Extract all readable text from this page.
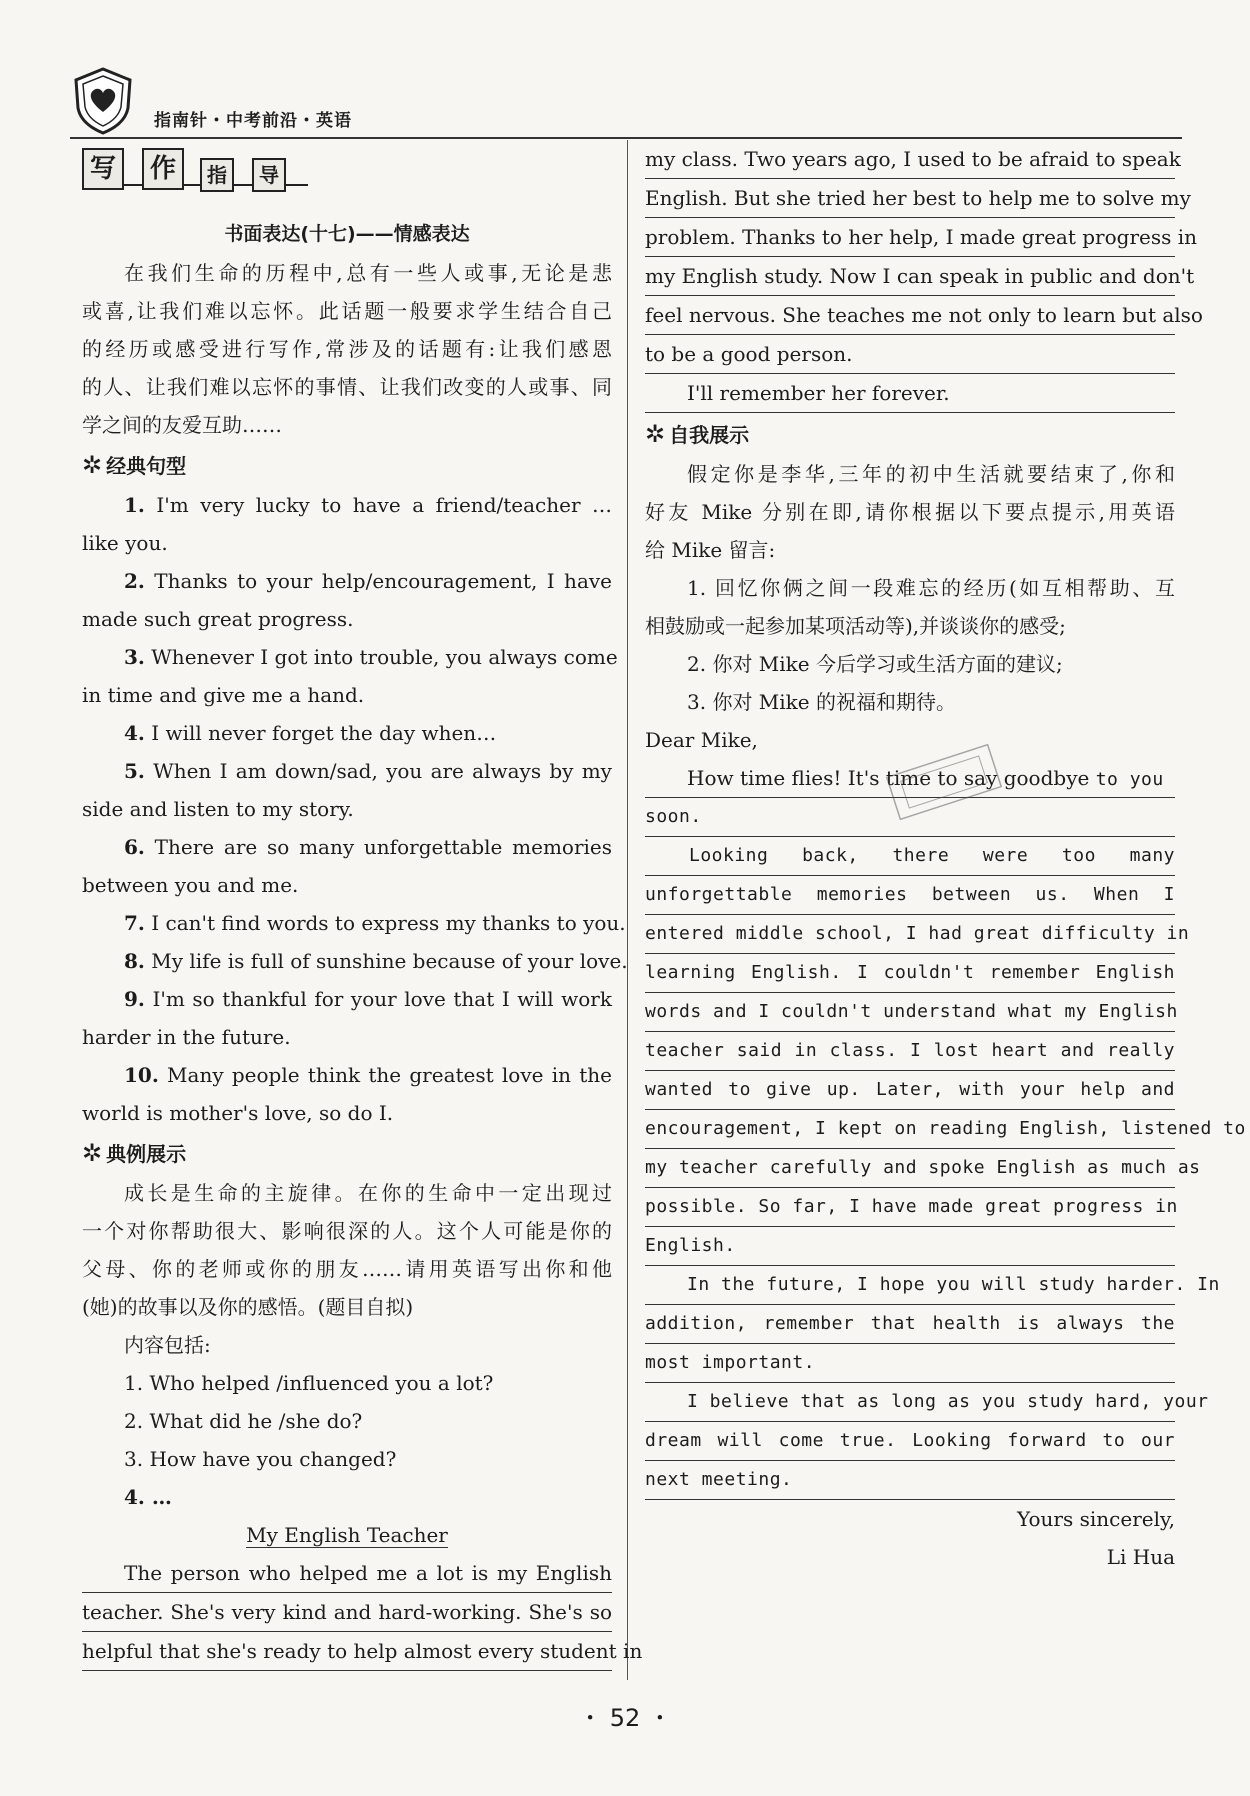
指南针・中考前沿・英语
写	作	指	导
书面表达(十七)——情感表达
在我们生命的历程中,总有一些人或事,无论是悲
或喜,让我们难以忘怀。此话题一般要求学生结合自己
的经历或感受进行写作,常涉及的话题有:让我们感恩
的人、让我们难以忘怀的事情、让我们改变的人或事、同
学之间的友爱互助……
✲ 经典句型
1. I'm very lucky to have a friend/teacher …
like you.
2. Thanks to your help/encouragement, I have
made such great progress.
3. Whenever I got into trouble, you always come
in time and give me a hand.
4. I will never forget the day when…
5. When I am down/sad, you are always by my
side and listen to my story.
6. There are so many unforgettable memories
between you and me.
7. I can't find words to express my thanks to you.
8. My life is full of sunshine because of your love.
9. I'm so thankful for your love that I will work
harder in the future.
10. Many people think the greatest love in the
world is mother's love, so do I.
✲ 典例展示
成长是生命的主旋律。在你的生命中一定出现过
一个对你帮助很大、影响很深的人。这个人可能是你的
父母、你的老师或你的朋友……请用英语写出你和他
(她)的故事以及你的感悟。(题目自拟)
内容包括:
1. Who helped /influenced you a lot?
2. What did he /she do?
3. How have you changed?
4. …
My English Teacher
The person who helped me a lot is my English
teacher. She's very kind and hard-working. She's so
helpful that she's ready to help almost every student in
my class. Two years ago, I used to be afraid to speak
English. But she tried her best to help me to solve my
problem. Thanks to her help, I made great progress in
my English study. Now I can speak in public and don't
feel nervous. She teaches me not only to learn but also
to be a good person.
I'll remember her forever.
✲ 自我展示
假定你是李华,三年的初中生活就要结束了,你和
好友 Mike 分别在即,请你根据以下要点提示,用英语
给 Mike 留言:
1. 回忆你俩之间一段难忘的经历(如互相帮助、互
相鼓励或一起参加某项活动等),并谈谈你的感受;
2. 你对 Mike 今后学习或生活方面的建议;
3. 你对 Mike 的祝福和期待。
Dear Mike,
How time flies! It's time to say goodbye to you
soon.
Looking back, there were too many
unforgettable memories between us. When I
entered middle school, I had great difficulty in
learning English. I couldn't remember English
words and I couldn't understand what my English
teacher said in class. I lost heart and really
wanted to give up. Later, with your help and
encouragement, I kept on reading English, listened to
my teacher carefully and spoke English as much as
possible. So far, I have made great progress in
English.
In the future, I hope you will study harder. In
addition, remember that health is always the
most important.
I believe that as long as you study hard, your
dream will come true. Looking forward to our
next meeting.
Yours sincerely,
Li Hua
・ 52 ・
